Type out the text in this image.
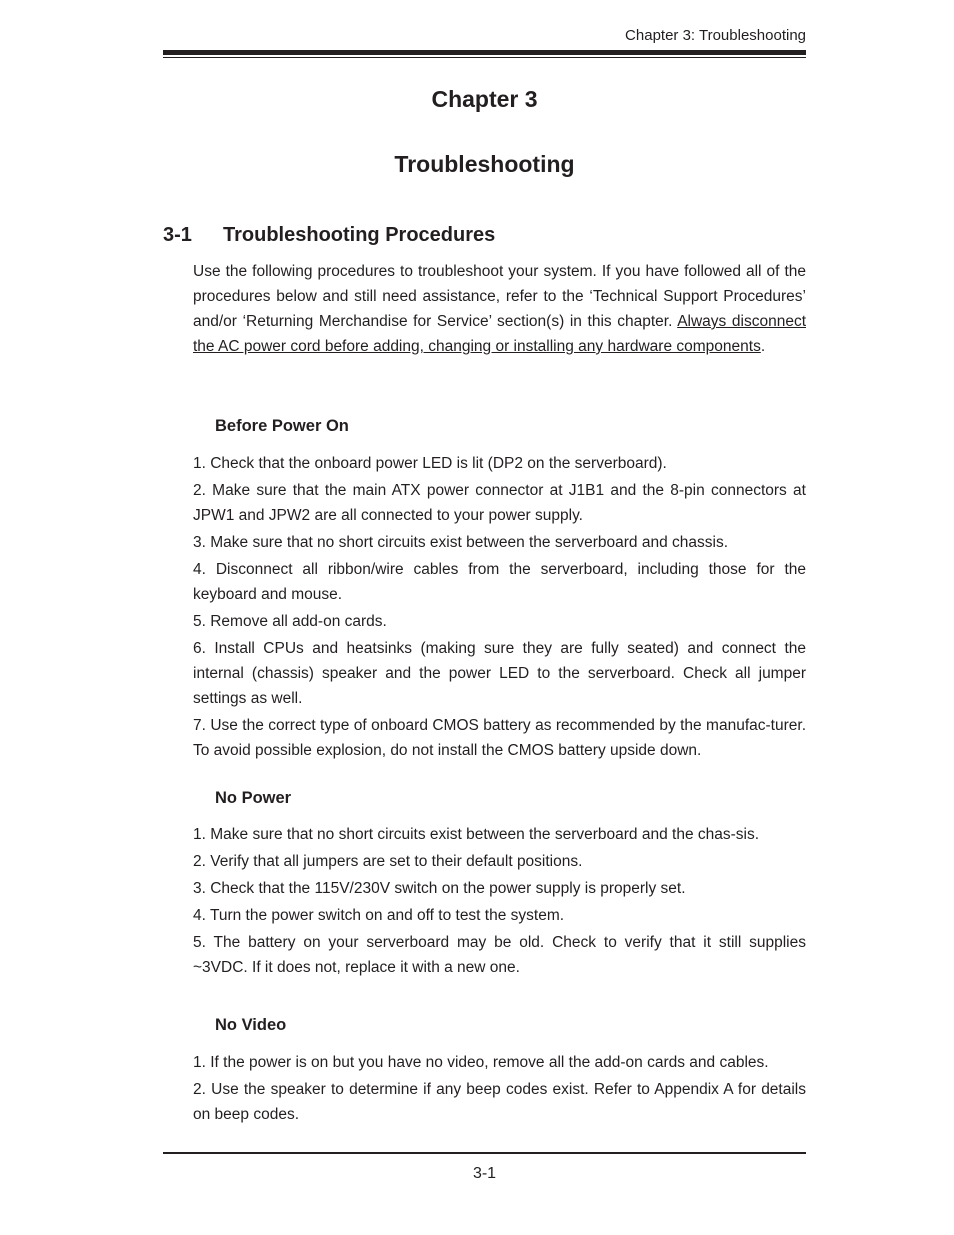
Chapter 3: Troubleshooting
Chapter 3
Troubleshooting
3-1 Troubleshooting Procedures

Use the following procedures to troubleshoot your system. If you have followed all of the procedures below and still need assistance, refer to the ‘Technical Support Procedures’ and/or ‘Returning Merchandise for Service’ section(s) in this chapter. Always disconnect the AC power cord before adding, changing or installing any hardware components.

Before Power On
1. Check that the onboard power LED is lit (DP2 on the serverboard).
2. Make sure that the main ATX power connector at J1B1 and the 8-pin connectors at JPW1 and JPW2 are all connected to your power supply.
3. Make sure that no short circuits exist between the serverboard and chassis.
4. Disconnect all ribbon/wire cables from the serverboard, including those for the keyboard and mouse.
5. Remove all add-on cards.
6. Install CPUs and heatsinks (making sure they are fully seated) and connect the internal (chassis) speaker and the power LED to the serverboard. Check all jumper settings as well.
7. Use the correct type of onboard CMOS battery as recommended by the manufac-turer. To avoid possible explosion, do not install the CMOS battery upside down.
No Power
1. Make sure that no short circuits exist between the serverboard and the chas-sis.
2. Verify that all jumpers are set to their default positions.
3. Check that the 115V/230V switch on the power supply is properly set.
4. Turn the power switch on and off to test the system.
5. The battery on your serverboard may be old. Check to verify that it still supplies ~3VDC. If it does not, replace it with a new one.
No Video
1. If the power is on but you have no video, remove all the add-on cards and cables.
2. Use the speaker to determine if any beep codes exist. Refer to Appendix A for details on beep codes.
3-1
